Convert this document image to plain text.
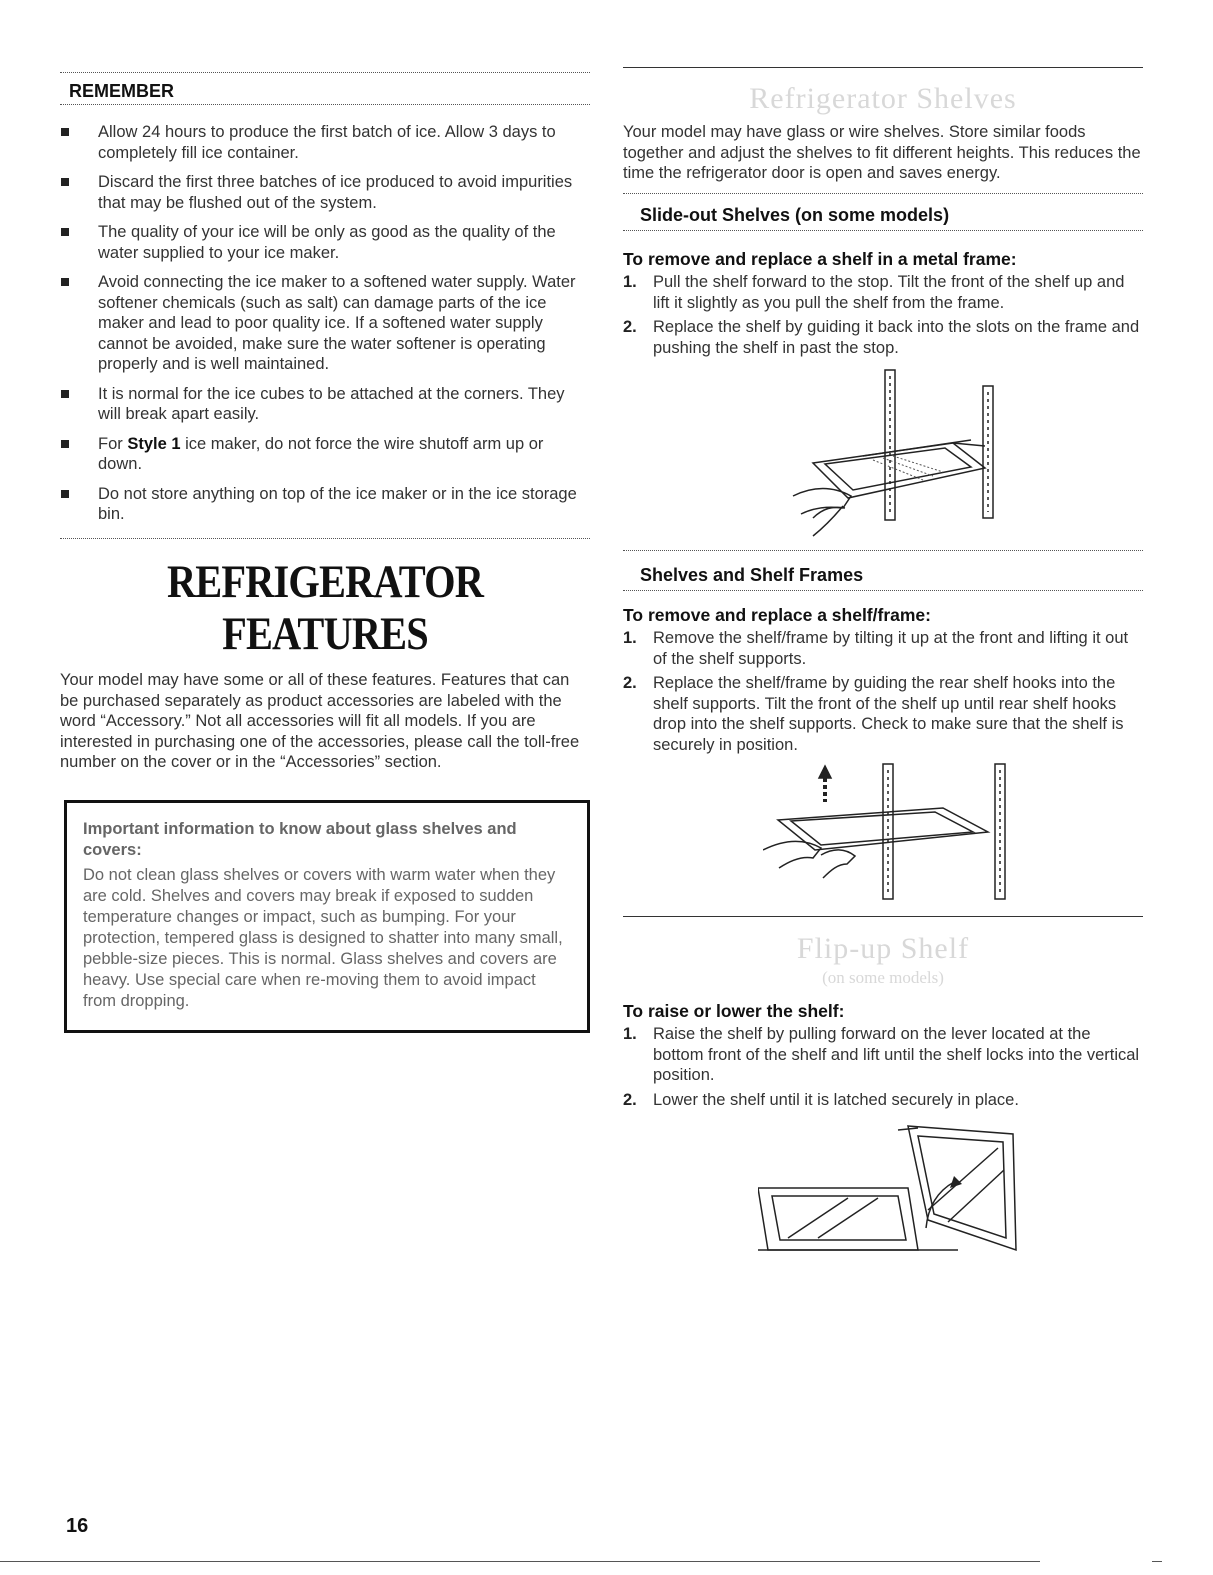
REMEMBER
Allow 24 hours to produce the first batch of ice. Allow 3 days to completely fill ice container.
Discard the first three batches of ice produced to avoid impurities that may be flushed out of the system.
The quality of your ice will be only as good as the quality of the water supplied to your ice maker.
Avoid connecting the ice maker to a softened water supply. Water softener chemicals (such as salt) can damage parts of the ice maker and lead to poor quality ice. If a softened water supply cannot be avoided, make sure the water softener is operating properly and is well maintained.
It is normal for the ice cubes to be attached at the corners. They will break apart easily.
For Style 1 ice maker, do not force the wire shutoff arm up or down.
Do not store anything on top of the ice maker or in the ice storage bin.
REFRIGERATOR
FEATURES

Your model may have some or all of these features. Features that can be purchased separately as product accessories are labeled with the word “Accessory.” Not all accessories will fit all models. If you are interested in purchasing one of the accessories, please call the toll-free number on the cover or in the “Accessories” section.

Important information to know about glass shelves and covers:
Do not clean glass shelves or covers with warm water when they are cold. Shelves and covers may break if exposed to sudden temperature changes or impact, such as bumping. For your protection, tempered glass is designed to shatter into many small, pebble-size pieces. This is normal. Glass shelves and covers are heavy. Use special care when re-moving them to avoid impact from dropping.
Refrigerator Shelves

Your model may have glass or wire shelves. Store similar foods together and adjust the shelves to fit different heights. This reduces the time the refrigerator door is open and saves energy.

Slide-out Shelves (on some models)

To remove and replace a shelf in a metal frame:

1. Pull the shelf forward to the stop. Tilt the front of the shelf up and lift it slightly as you pull the shelf from the frame.
2. Replace the shelf by guiding it back into the slots on the frame and pushing the shelf in past the stop.
Shelves and Shelf Frames

To remove and replace a shelf/frame:

1. Remove the shelf/frame by tilting it up at the front and lifting it out of the shelf supports.
2. Replace the shelf/frame by guiding the rear shelf hooks into the shelf supports. Tilt the front of the shelf up until rear shelf hooks drop into the shelf supports. Check to make sure that the shelf is securely in position.
Flip-up Shelf
(on some models)

To raise or lower the shelf:

1. Raise the shelf by pulling forward on the lever located at the bottom front of the shelf and lift until the shelf locks into the vertical position.
2. Lower the shelf until it is latched securely in place.
16
